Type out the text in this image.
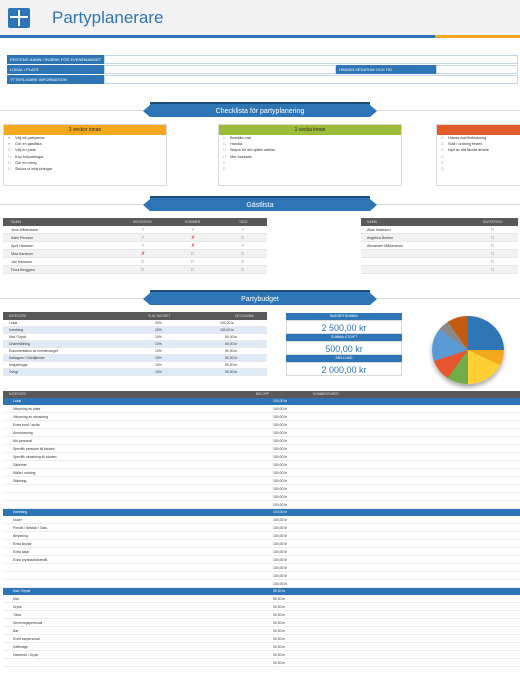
Partyplanerare
FESTENS NAMN / RUBRIK FÖR EVENEMANGET
LOKAL / PLATS	HÄNDELSEDATUM OCH TID
YTTERLIGARE INFORMATION
Checklista för partyplanering
3 veckor innan
» Välj ett partytema
» Gör en gästlista
□ Välj en plats
□ Köp inbjudningar
□ Gör en meny
□ Skicka ut inbjudningar
1 vecka innan
□ Beställa mat
□ Handla
□ Skapa för det sjätte artiklar
□ Mer backsalt
□
□
□ Hämta mat/förfriskning
□ Ställ i ordning festen
□ Njut av ditt fåvida arbete
□
□
□
Gästlista
NAMN	INVITATION	KOMMER	TACK
Jens Mårtensson	✓	✓	✓
Kalle Persson	✓	✗	□
April Hansson	✓	✗	✓
Mira Karlsson	✗	□	□
Jan Hansson	□	□	□
Flora Berggren	□	□	□
NAMN	INVITATION
Allan Mattsson	□
Angelica Åström	□
Alexander Mårtensson	□
□
□
□
Partybudget
KATEGORI	% AV BUDGET	DELSUMMA
Lokal	20%	100,00 kr
Inredning	20%	100,00 kr
Mat / Dryck	10%	50,00 kr
Underhållning	10%	50,00 kr
Dokumentation av evenemanget	10%	50,00 kr
Deltagare / Gästfjänster	10%	50,00 kr
Inbjudningar	10%	50,00 kr
Övrigt	10%	50,00 kr
BUDGETSUMMA
2 500,00 kr
SUMMA UTGIFT
500,00 kr
SKILLNAD
2 000,00 kr
KATEGORI	BELOPP	KOMMENTARER
Lokal	100,00 kr
Uthyrning av plats	100,00 kr
Uthyrning av utrustning	100,00 kr
Extra bord / stolar	100,00 kr
Ahrustuvning	100,00 kr
Ahl-personal	100,00 kr
Specifik personal till lokalen	100,00 kr
Specifik utrustning till lokalen	100,00 kr
Säkerhet	100,00 kr
Ställa i ordning	100,00 kr
Städning	100,00 kr
100,00 kr
100,00 kr
100,00 kr
Inredning	100,00 kr
Duker	100,00 kr
Porslin / Bestick / Glas	100,00 kr
Belysning	100,00 kr
Extra skyltar	100,00 kr
Extra kalar	100,00 kr
Extra prydnadsföremål	100,00 kr
100,00 kr
100,00 kr
100,00 kr
Mat / Dryck	50,00 kr
Mat	50,00 kr
Dryck	50,00 kr
Tårta	50,00 kr
Serveringspersonal	50,00 kr
Bar	50,00 kr
Extra barpersonal	50,00 kr
Kaffevagn	50,00 kr
Handmat / Dryck	50,00 kr
50,00 kr
